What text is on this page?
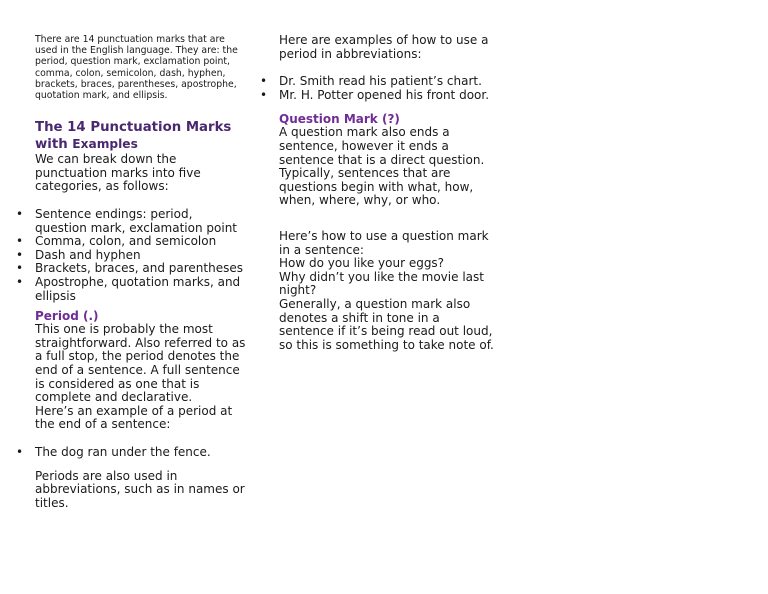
There are 14 punctuation marks that are used in the English language. They are: the period, question mark, exclamation point, comma, colon, semicolon, dash, hyphen, brackets, braces, parentheses, apostrophe, quotation mark, and ellipsis.

The 14 Punctuation Marks
with Examples

We can break down the punctuation marks into five categories, as follows:

• Sentence endings: period, question mark, exclamation point
• Comma, colon, and semicolon
• Dash and hyphen
• Brackets, braces, and parentheses
• Apostrophe, quotation marks, and ellipsis
Period (.)

This one is probably the most straightforward. Also referred to as a full stop, the period denotes the end of a sentence. A full sentence is considered as one that is complete and declarative.

Here’s an example of a period at the end of a sentence:

• The dog ran under the fence.

Periods are also used in abbreviations, such as in names or titles.

Here are examples of how to use a period in abbreviations:

• Dr. Smith read his patient’s chart.
• Mr. H. Potter opened his front door.
Question Mark (?)

A question mark also ends a sentence, however it ends a sentence that is a direct question. Typically, sentences that are questions begin with what, how, when, where, why, or who.

Here’s how to use a question mark in a sentence:

How do you like your eggs?

Why didn’t you like the movie last night?

Generally, a question mark also denotes a shift in tone in a sentence if it’s being read out loud, so this is something to take note of.
